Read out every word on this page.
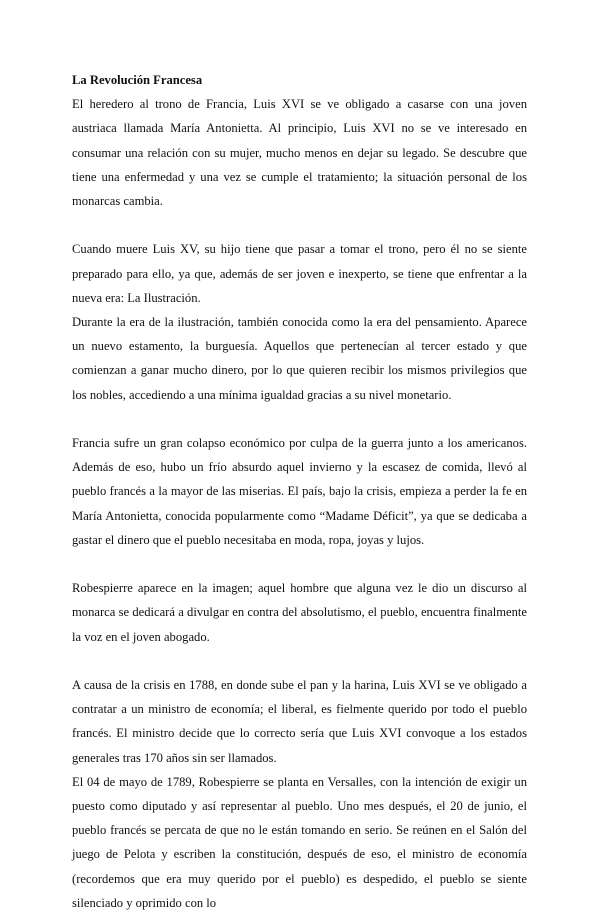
La Revolución Francesa

El heredero al trono de Francia, Luis XVI se ve obligado a casarse con una joven austriaca llamada María Antonietta. Al principio, Luis XVI no se ve interesado en consumar una relación con su mujer, mucho menos en dejar su legado. Se descubre que tiene una enfermedad y una vez se cumple el tratamiento; la situación personal de los monarcas cambia.

Cuando muere Luis XV, su hijo tiene que pasar a tomar el trono, pero él no se siente preparado para ello, ya que, además de ser joven e inexperto, se tiene que enfrentar a la nueva era: La Ilustración.

Durante la era de la ilustración, también conocida como la era del pensamiento. Aparece un nuevo estamento, la burguesía. Aquellos que pertenecían al tercer estado y que comienzan a ganar mucho dinero, por lo que quieren recibir los mismos privilegios que los nobles, accediendo a una mínima igualdad gracias a su nivel monetario.

Francia sufre un gran colapso económico por culpa de la guerra junto a los americanos. Además de eso, hubo un frío absurdo aquel invierno y la escasez de comida, llevó al pueblo francés a la mayor de las miserias. El país, bajo la crisis, empieza a perder la fe en María Antonietta, conocida popularmente como “Madame Déficit”, ya que se dedicaba a gastar el dinero que el pueblo necesitaba en moda, ropa, joyas y lujos.

Robespierre aparece en la imagen; aquel hombre que alguna vez le dio un discurso al monarca se dedicará a divulgar en contra del absolutismo, el pueblo, encuentra finalmente la voz en el joven abogado.

A causa de la crisis en 1788, en donde sube el pan y la harina, Luis XVI se ve obligado a contratar a un ministro de economía; el liberal, es fielmente querido por todo el pueblo francés. El ministro decide que lo correcto sería que Luis XVI convoque a los estados generales tras 170 años sin ser llamados.

El 04 de mayo de 1789, Robespierre se planta en Versalles, con la intención de exigir un puesto como diputado y así representar al pueblo. Uno mes después, el 20 de junio, el pueblo francés se percata de que no le están tomando en serio. Se reúnen en el Salón del juego de Pelota y escriben la constitución, después de eso, el ministro de economía (recordemos que era muy querido por el pueblo) es despedido, el pueblo se siente silenciado y oprimido con lo
